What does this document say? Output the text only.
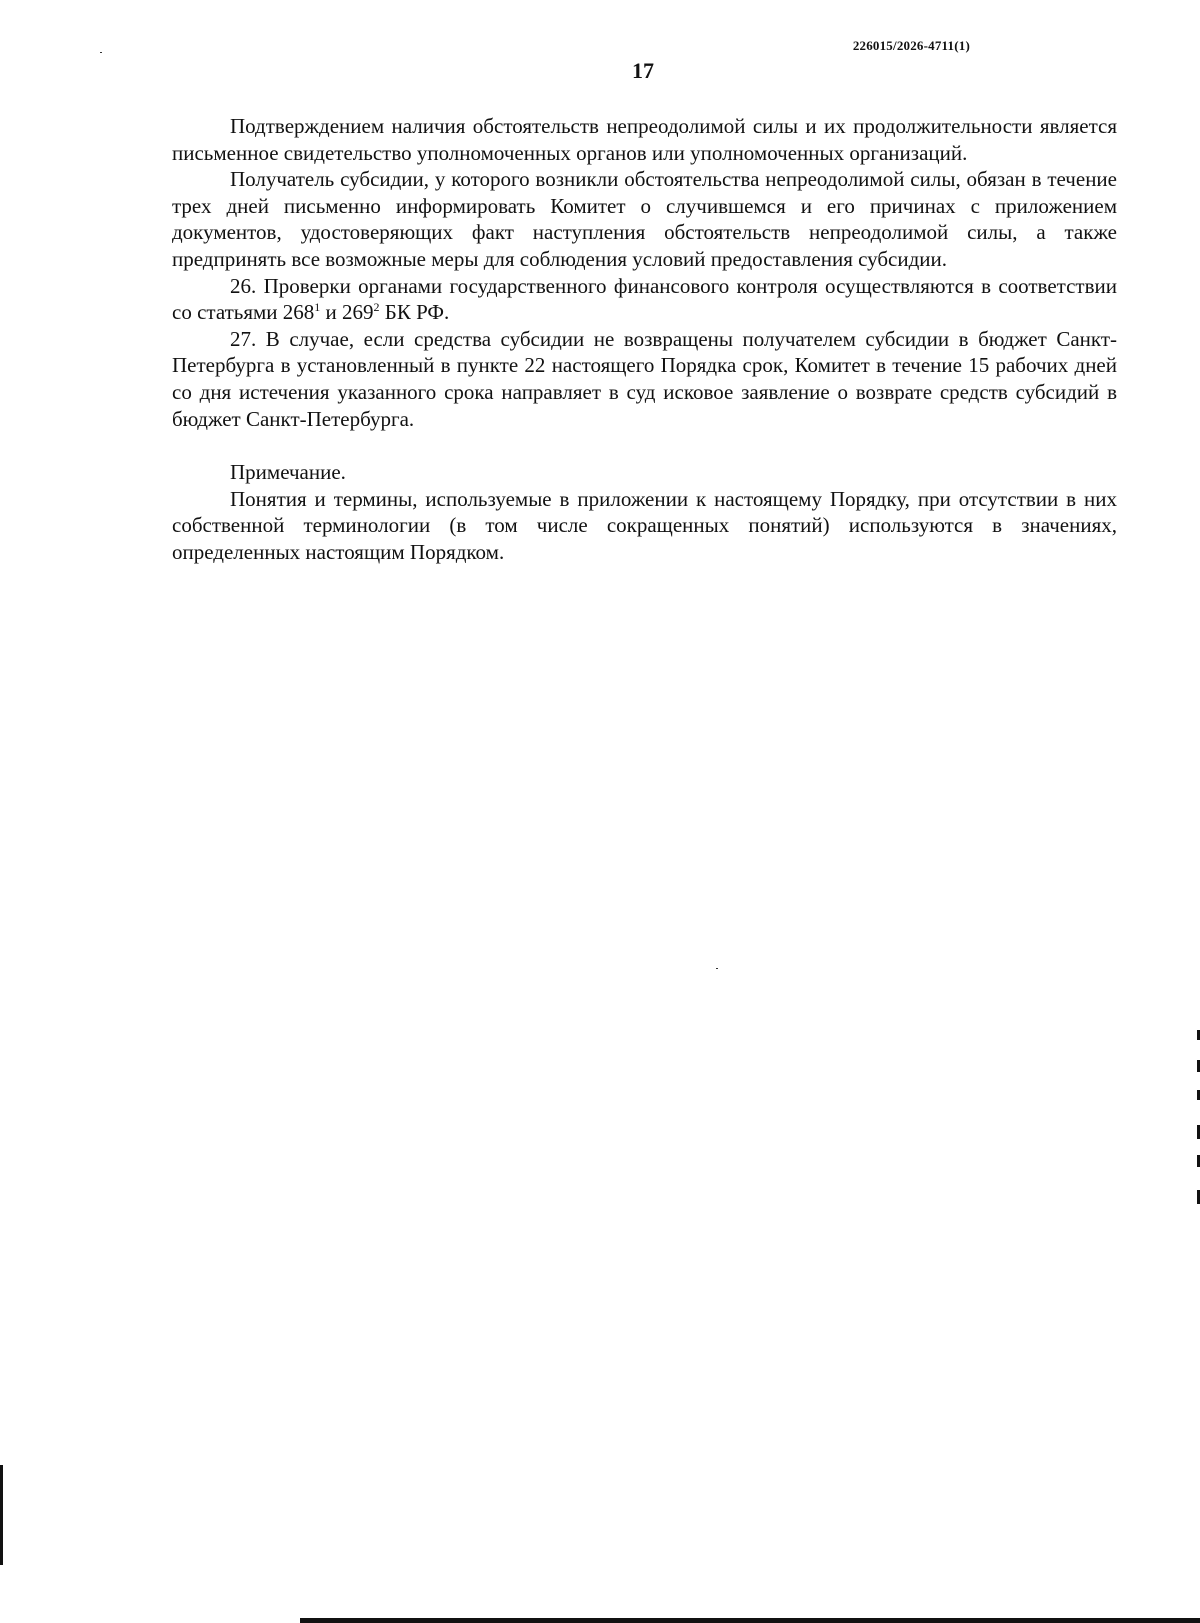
226015/2026-4711(1)
17

Подтверждением наличия обстоятельств непреодолимой силы и их продолжительности является письменное свидетельство уполномоченных органов или уполномоченных организаций.

Получатель субсидии, у которого возникли обстоятельства непреодолимой силы, обязан в течение трех дней письменно информировать Комитет о случившемся и его причинах с приложением документов, удостоверяющих факт наступления обстоятельств непреодолимой силы, а также предпринять все возможные меры для соблюдения условий предоставления субсидии.

26. Проверки органами государственного финансового контроля осуществляются в соответствии со статьями $268^1$ и $269^2$ БК РФ.

27. В случае, если средства субсидии не возвращены получателем субсидии в бюджет Санкт-Петербурга в установленный в пункте 22 настоящего Порядка срок, Комитет в течение 15 рабочих дней со дня истечения указанного срока направляет в суд исковое заявление о возврате средств субсидий в бюджет Санкт-Петербурга.

Примечание.

Понятия и термины, используемые в приложении к настоящему Порядку, при отсутствии в них собственной терминологии (в том числе сокращенных понятий) используются в значениях, определенных настоящим Порядком.
